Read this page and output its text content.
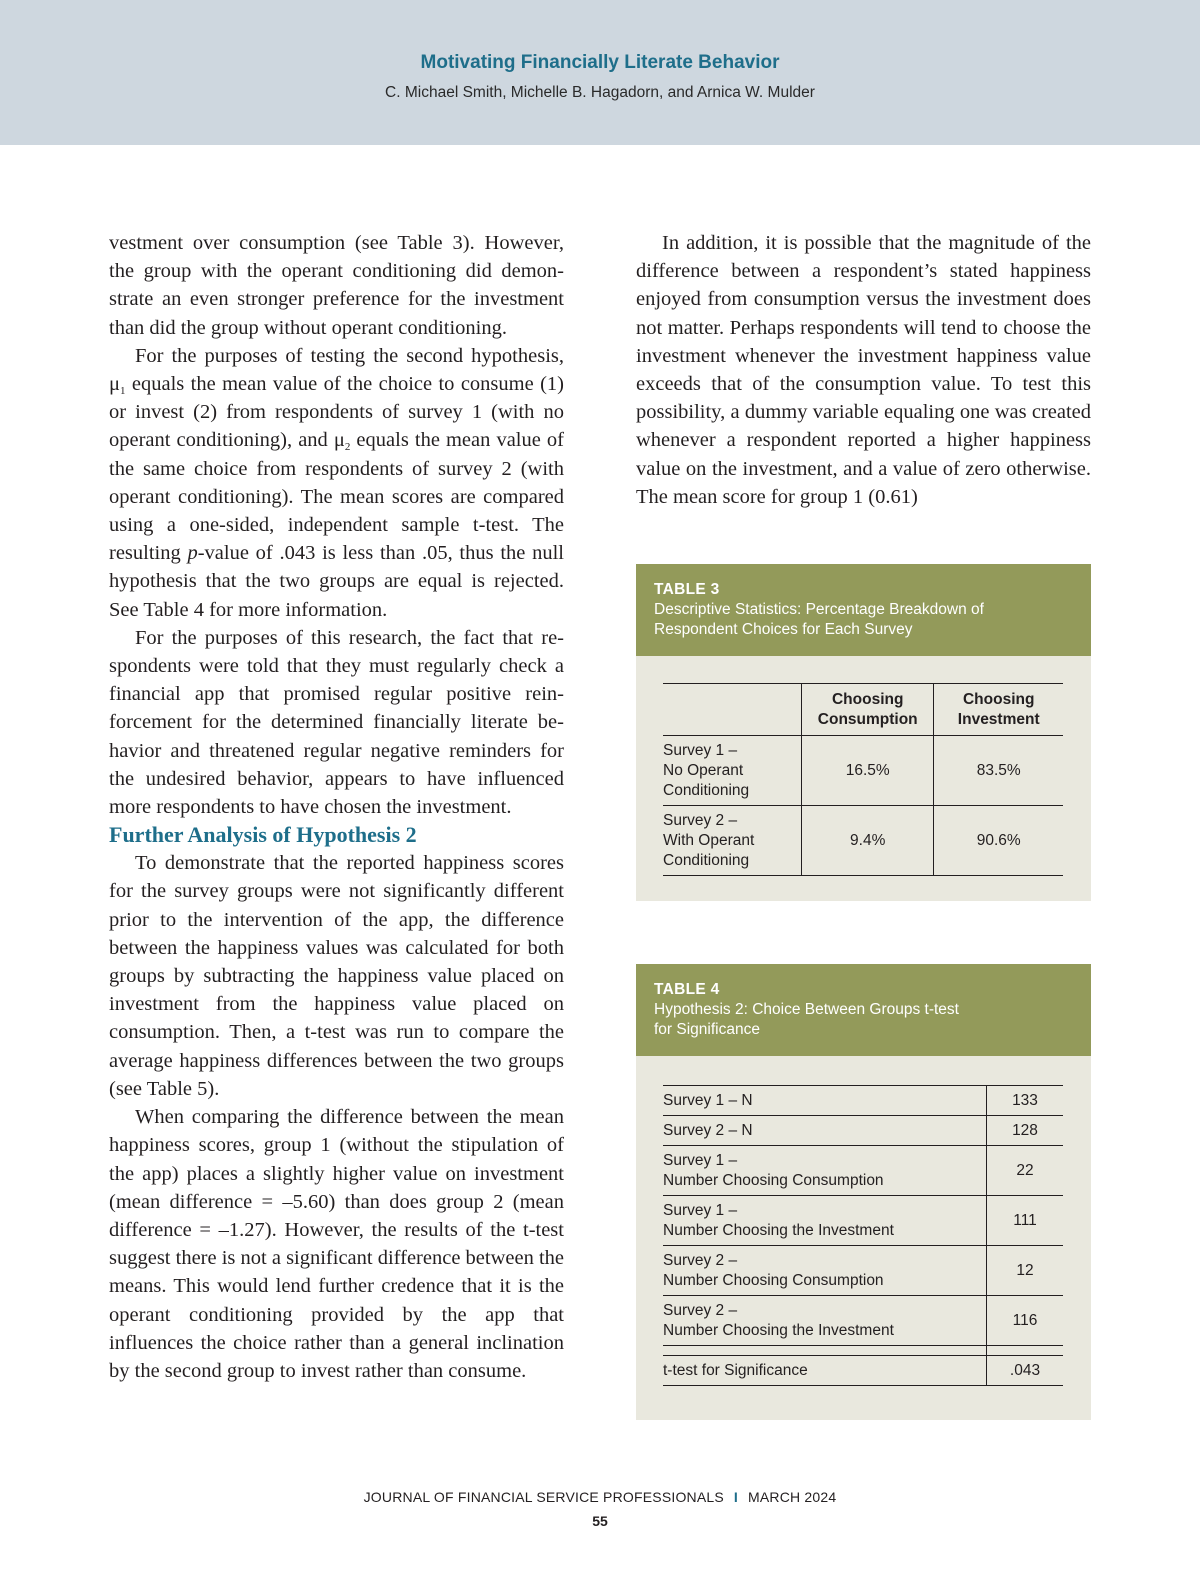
Motivating Financially Literate Behavior
C. Michael Smith, Michelle B. Hagadorn, and Arnica W. Mulder

vestment over consumption (see Table 3). However, the group with the operant conditioning did demonstrate an even stronger preference for the investment than did the group without operant conditioning.

For the purposes of testing the second hypothesis, $\mu_1$ equals the mean value of the choice to consume (1) or invest (2) from respondents of survey 1 (with no operant conditioning), and $\mu_2$ equals the mean value of the same choice from respondents of survey 2 (with operant conditioning). The mean scores are compared using a one-sided, independent sample t-test. The resulting p-value of .043 is less than .05, thus the null hypothesis that the two groups are equal is rejected. See Table 4 for more information.

For the purposes of this research, the fact that respondents were told that they must regularly check a financial app that promised regular positive reinforcement for the determined financially literate behavior and threatened regular negative reminders for the undesired behavior, appears to have influenced more respondents to have chosen the investment.

Further Analysis of Hypothesis 2

To demonstrate that the reported happiness scores for the survey groups were not significantly different prior to the intervention of the app, the difference between the happiness values was calculated for both groups by subtracting the happiness value placed on investment from the happiness value placed on consumption. Then, a t-test was run to compare the average happiness differences between the two groups (see Table 5).

When comparing the difference between the mean happiness scores, group 1 (without the stipulation of the app) places a slightly higher value on investment (mean difference = –5.60) than does group 2 (mean difference = –1.27). However, the results of the t-test suggest there is not a significant difference between the means. This would lend further credence that it is the operant conditioning provided by the app that influences the choice rather than a general inclination by the second group to invest rather than consume.

In addition, it is possible that the magnitude of the difference between a respondent’s stated happiness enjoyed from consumption versus the investment does not matter. Perhaps respondents will tend to choose the investment whenever the investment happiness value exceeds that of the consumption value. To test this possibility, a dummy variable equaling one was created whenever a respondent reported a higher happiness value on the investment, and a value of zero otherwise. The mean score for group 1 (0.61)

TABLE 3
Descriptive Statistics: Percentage Breakdown of
Respondent Choices for Each Survey
	Choosing
Consumption	Choosing
Investment
Survey 1 –
No Operant
Conditioning	16.5%	83.5%
Survey 2 –
With Operant
Conditioning	9.4%	90.6%
TABLE 4
Hypothesis 2: Choice Between Groups t-test
for Significance
Survey 1 – N	133
Survey 2 – N	128
Survey 1 –
Number Choosing Consumption	22
Survey 1 –
Number Choosing the Investment	111
Survey 2 –
Number Choosing Consumption	12
Survey 2 –
Number Choosing the Investment	116

t-test for Significance	.043
JOURNAL OF FINANCIAL SERVICE PROFESSIONALS I MARCH 2024
55
